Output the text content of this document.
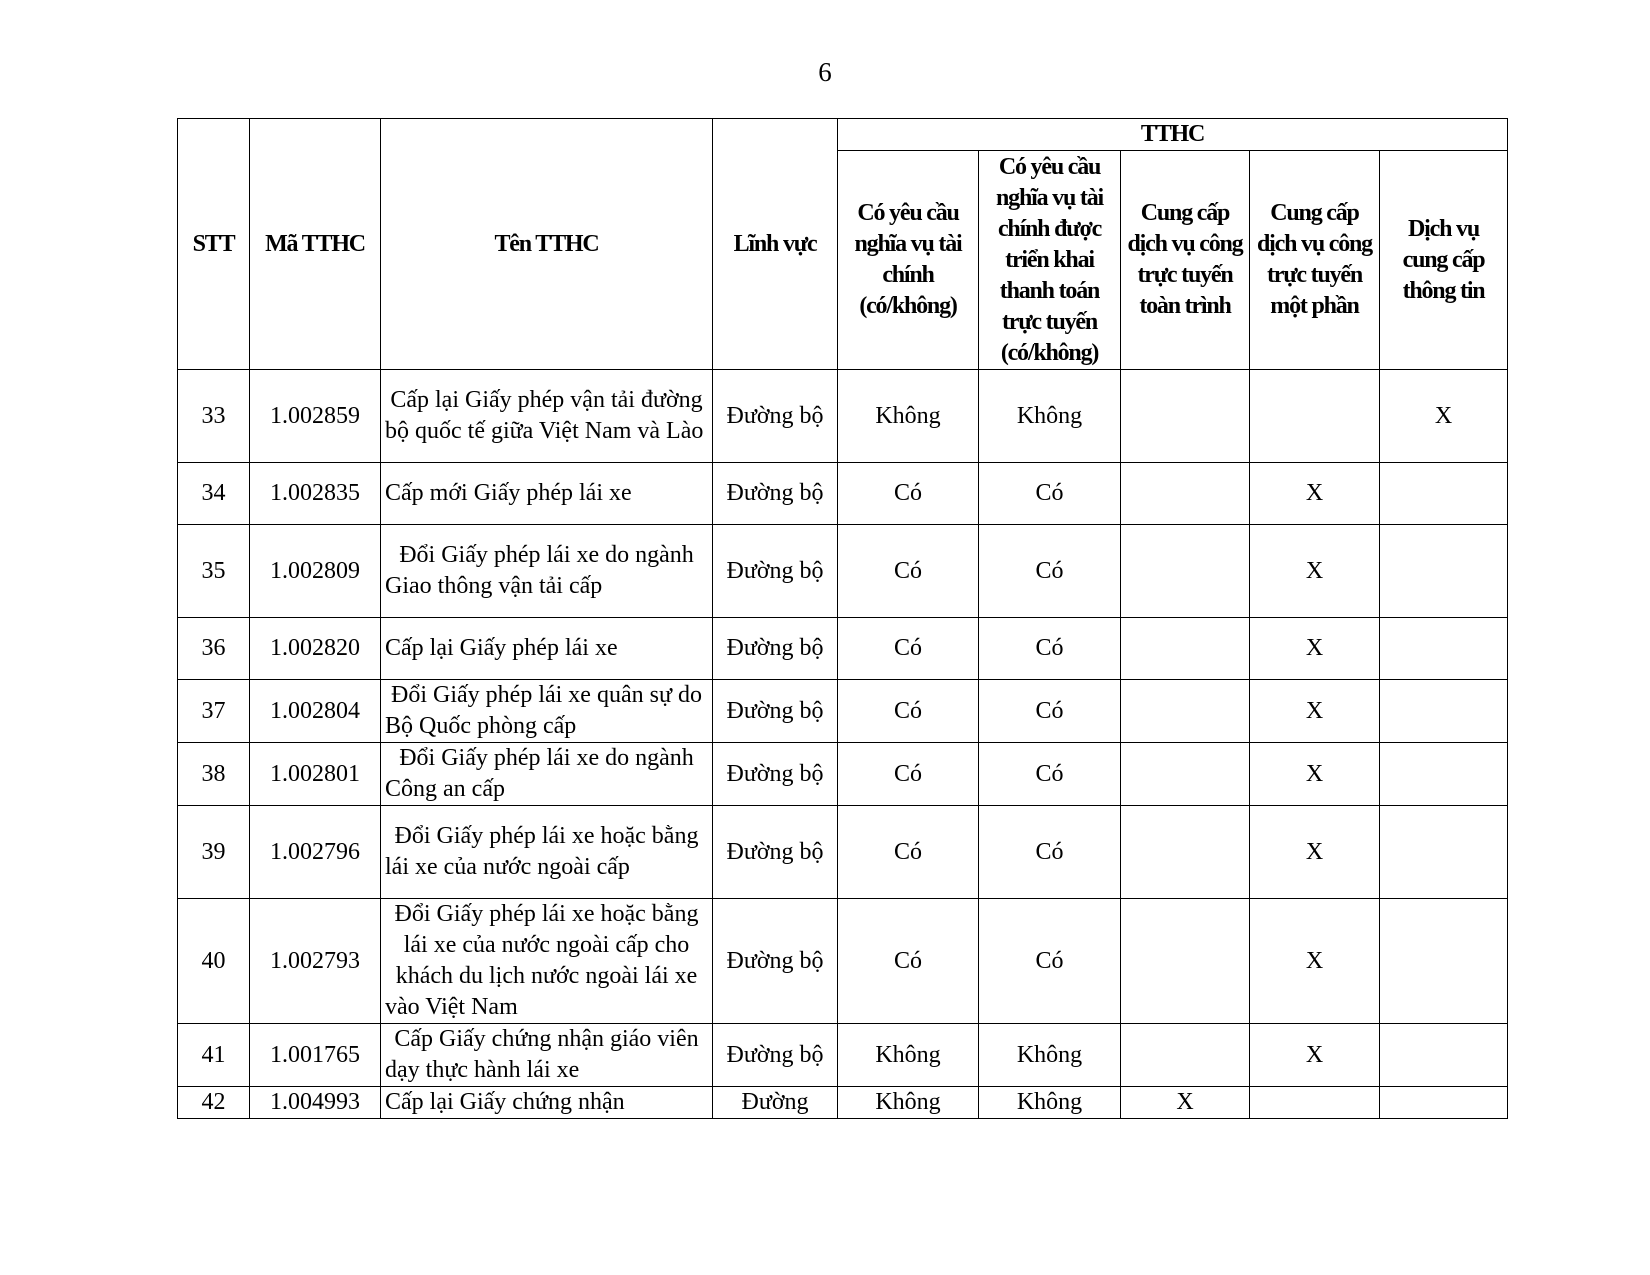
6
STT	Mã TTHC	Tên TTHC	Lĩnh vực	TTHC				
				Có yêu cầu nghĩa vụ tài chính (có/không)	Có yêu cầu nghĩa vụ tài chính được triển khai thanh toán trực tuyến (có/không)	Cung cấp dịch vụ công trực tuyến toàn trình	Cung cấp dịch vụ công trực tuyến một phần	Dịch vụ cung cấp thông tin
33	1.002859	Cấp lại Giấy phép vận tải đường bộ quốc tế giữa Việt Nam và Lào	Đường bộ	Không	Không			X
34	1.002835	Cấp mới Giấy phép lái xe	Đường bộ	Có	Có		X	
35	1.002809	Đổi Giấy phép lái xe do ngành Giao thông vận tải cấp	Đường bộ	Có	Có		X	
36	1.002820	Cấp lại Giấy phép lái xe	Đường bộ	Có	Có		X	
37	1.002804	Đổi Giấy phép lái xe quân sự do Bộ Quốc phòng cấp	Đường bộ	Có	Có		X	
38	1.002801	Đổi Giấy phép lái xe do ngành Công an cấp	Đường bộ	Có	Có		X	
39	1.002796	Đổi Giấy phép lái xe hoặc bằng lái xe của nước ngoài cấp	Đường bộ	Có	Có		X	
40	1.002793	Đổi Giấy phép lái xe hoặc bằng lái xe của nước ngoài cấp cho khách du lịch nước ngoài lái xe vào Việt Nam	Đường bộ	Có	Có		X	
41	1.001765	Cấp Giấy chứng nhận giáo viên dạy thực hành lái xe	Đường bộ	Không	Không		X	
42	1.004993	Cấp lại Giấy chứng nhận	Đường	Không	Không	X		
